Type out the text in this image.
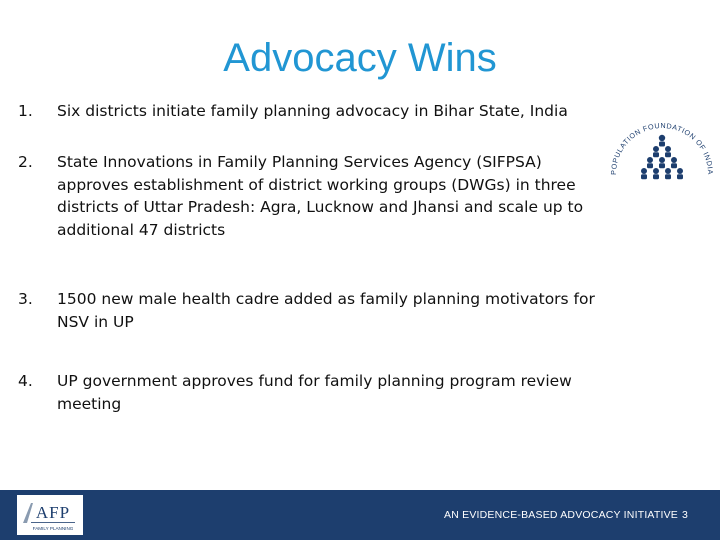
Advocacy Wins
1.	Six districts initiate family planning advocacy in Bihar State, India
2.	State Innovations in Family Planning Services Agency (SIFPSA) approves establishment of district working groups (DWGs) in three districts of Uttar Pradesh: Agra, Lucknow and Jhansi and scale up to additional 47 districts
3.	1500 new male health cadre added as family planning motivators for NSV in UP
4.	UP government approves fund for family planning program review meeting
POPULATION FOUNDATION OF INDIA
AFP
FAMILY PLANNING
AN EVIDENCE-BASED ADVOCACY INITIATIVE 3
